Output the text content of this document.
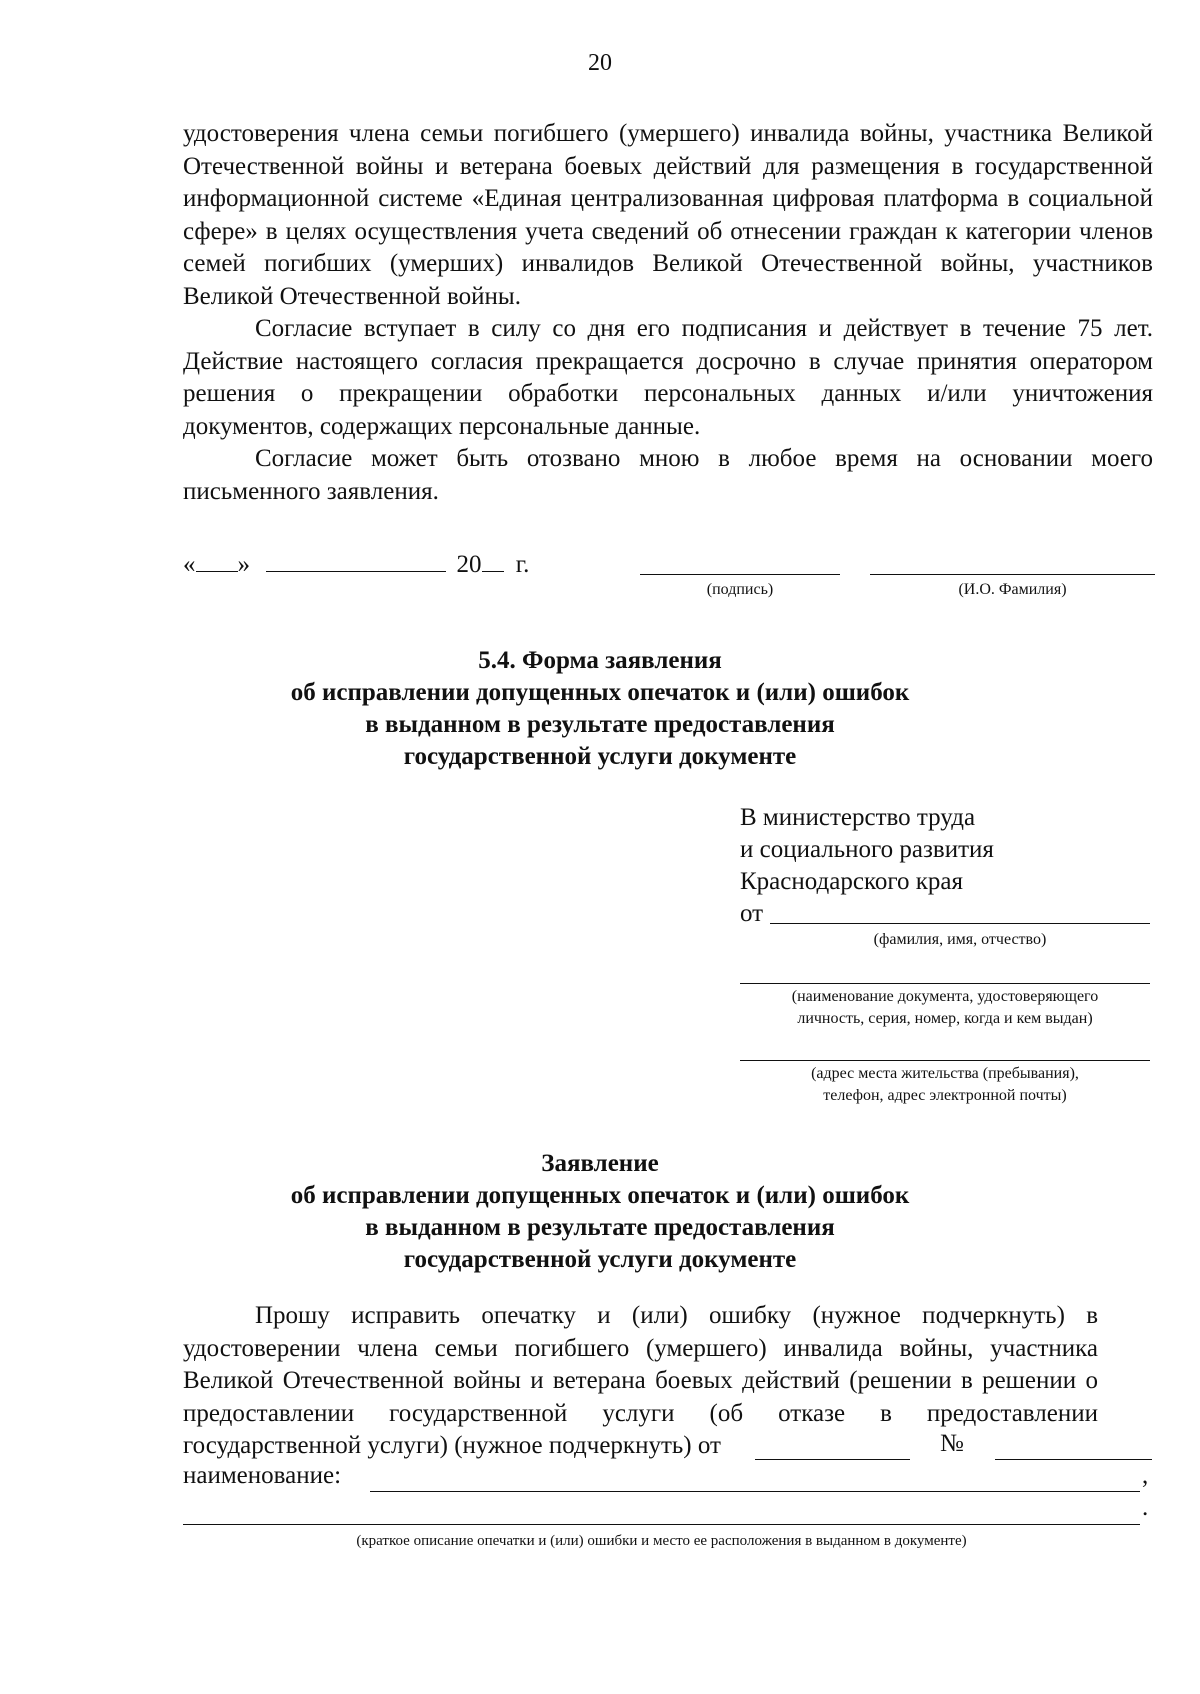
20

удостоверения члена семьи погибшего (умершего) инвалида войны, участника Великой Отечественной войны и ветерана боевых действий для размещения в государственной информационной системе «Единая централизованная цифровая платформа в социальной сфере» в целях осуществления учета сведений об отнесении граждан к категории членов семей погибших (умерших) инвалидов Великой Отечественной войны, участников Великой Отечественной войны.

Согласие вступает в силу со дня его подписания и действует в течение 75 лет. Действие настоящего согласия прекращается досрочно в случае принятия оператором решения о прекращении обработки персональных данных и/или уничтожения документов, содержащих персональные данные.

Согласие может быть отозвано мною в любое время на основании моего письменного заявления.

« »	20 г.
(подпись)	(И.О. Фамилия)
5.4. Форма заявления
об исправлении допущенных опечаток и (или) ошибок
в выданном в результате предоставления
государственной услуги документе
В министерство труда
и социального развития
Краснодарского края
от
(фамилия, имя, отчество)
(наименование документа, удостоверяющего
личность, серия, номер, когда и кем выдан)
(адрес места жительства (пребывания),
телефон, адрес электронной почты)
Заявление
об исправлении допущенных опечаток и (или) ошибок
в выданном в результате предоставления
государственной услуги документе

Прошу исправить опечатку и (или) ошибку (нужное подчеркнуть) в удостоверении члена семьи погибшего (умершего) инвалида войны, участника Великой Отечественной войны и ветерана боевых действий (решении в решении о предоставлении государственной услуги (об отказе в предоставлении государственной услуги) (нужное подчеркнуть) от	№
наименование:	,
.
(краткое описание опечатки и (или) ошибки и место ее расположения в выданном в документе)
